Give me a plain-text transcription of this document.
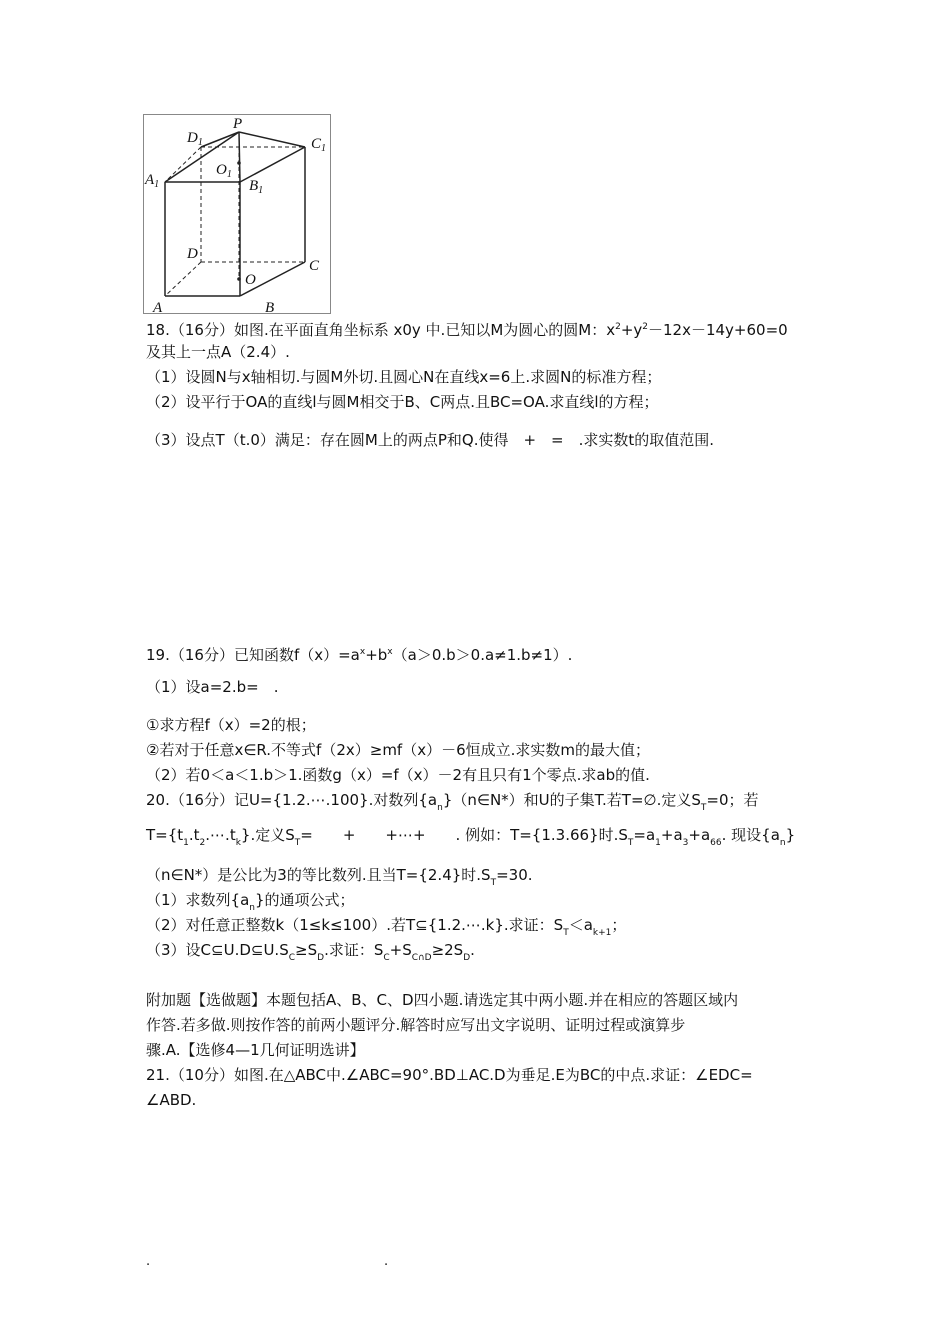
P
$D_1$	$C_1$
$O_1$
$A_1$	$B_1$
D
C
O
A	B
18.（16分）如图.在平面直角坐标系 x0y 中.已知以M为圆心的圆M：$x^2+y^2-12x-14y+60=0$
及其上一点A（2.4）.
（1）设圆N与x轴相切.与圆M外切.且圆心N在直线x=6上.求圆N的标准方程；
（2）设平行于OA的直线l与圆M相交于B、C两点.且BC=OA.求直线l的方程；
（3）设点T（t.0）满足：存在圆M上的两点P和Q.使得　+　=　.求实数t的取值范围.
19.（16分）已知函数$f(x)=a^x+b^x(a>0.b>0.a\ne 1.b\ne 1)$.
（1）设a=2.b=　.
①求方程f（x）=2的根；
②若对于任意x∈R.不等式f（2x）≥mf（x）－6恒成立.求实数m的最大值；
（2）若0＜a＜1.b＞1.函数g（x）=f（x）－2有且只有1个零点.求ab的值.
20.（16分）记U={1.2.⋯.100}.对数列$\{a_n\}(n\in N*)$和U的子集T.若T=∅.定义$S_T=0$；若
$T=\{t_1.t_2.\cdots.t_k\}$.定义$S_T=$　　+　　+⋯+　　. 例如：T={1.3.66}时$.S_T=a_1+a_3+a_{66}$. 现设$\{a_n\}$
（n∈N*）是公比为3的等比数列.且当T={2.4}时$.S_T=30$.
（1）求数列$\{a_n\}$的通项公式；
（2）对任意正整数k（1≤k≤100）.若T⊆{1.2.⋯.k}.求证：$S_T<a_{k+1}$；
（3）设$C⊆U.D⊆U.S_C\ge S_D$.求证：$S_C+S_{C\cap D}\ge 2S_D$.
附加题【选做题】本题包括A、B、C、D四小题.请选定其中两小题.并在相应的答题区域内
作答.若多做.则按作答的前两小题评分.解答时应写出文字说明、证明过程或演算步
骤.A.【选修4—1几何证明选讲】
21.（10分）如图.在△ABC中.∠ABC=90°.BD⊥AC.D为垂足.E为BC的中点.求证：∠EDC=
∠ABD.
.	.
